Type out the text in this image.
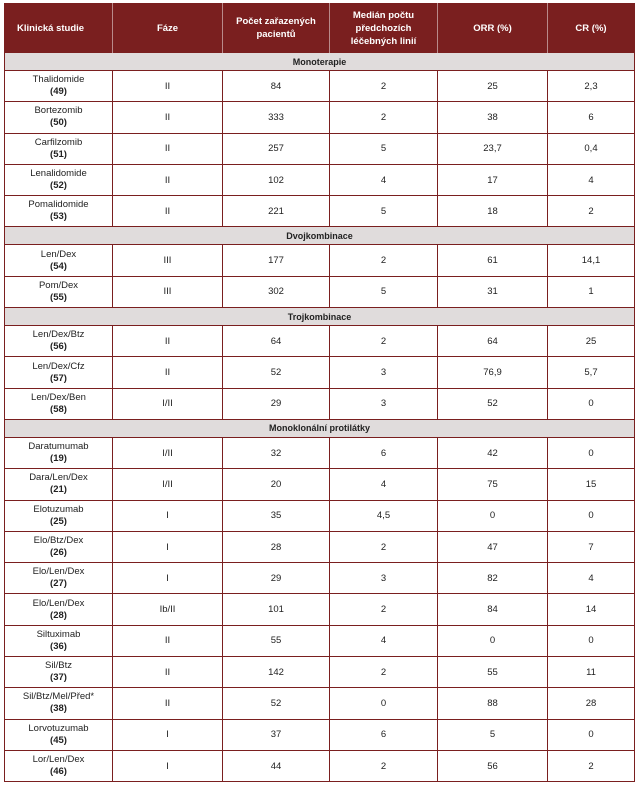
Klinická studie	Fáze	Počet zařazených pacientů	Medián počtu předchozích léčebných linií	ORR (%)	CR (%)
Monoterapie					

Thalidomide
(49)	II	84	2	25	2,3

Bortezomib
(50)	II	333	2	38	6

Carfilzomib
(51)	II	257	5	23,7	0,4

Lenalidomide
(52)	II	102	4	17	4

Pomalidomide
(53)	II	221	5	18	2
Dvojkombinace					

Len/Dex
(54)	III	177	2	61	14,1

Pom/Dex
(55)	III	302	5	31	1
Trojkombinace					

Len/Dex/Btz
(56)	II	64	2	64	25

Len/Dex/Cfz
(57)	II	52	3	76,9	5,7

Len/Dex/Ben
(58)	I/II	29	3	52	0
Monoklonální protilátky					

Daratumumab
(19)	I/II	32	6	42	0

Dara/Len/Dex
(21)	I/II	20	4	75	15

Elotuzumab
(25)	I	35	4,5	0	0

Elo/Btz/Dex
(26)	I	28	2	47	7

Elo/Len/Dex
(27)	I	29	3	82	4

Elo/Len/Dex
(28)	Ib/II	101	2	84	14

Siltuximab
(36)	II	55	4	0	0

Sil/Btz
(37)	II	142	2	55	11

Sil/Btz/Mel/Před*
(38)	II	52	0	88	28

Lorvotuzumab
(45)	I	37	6	5	0

Lor/Len/Dex
(46)	I	44	2	56	2
